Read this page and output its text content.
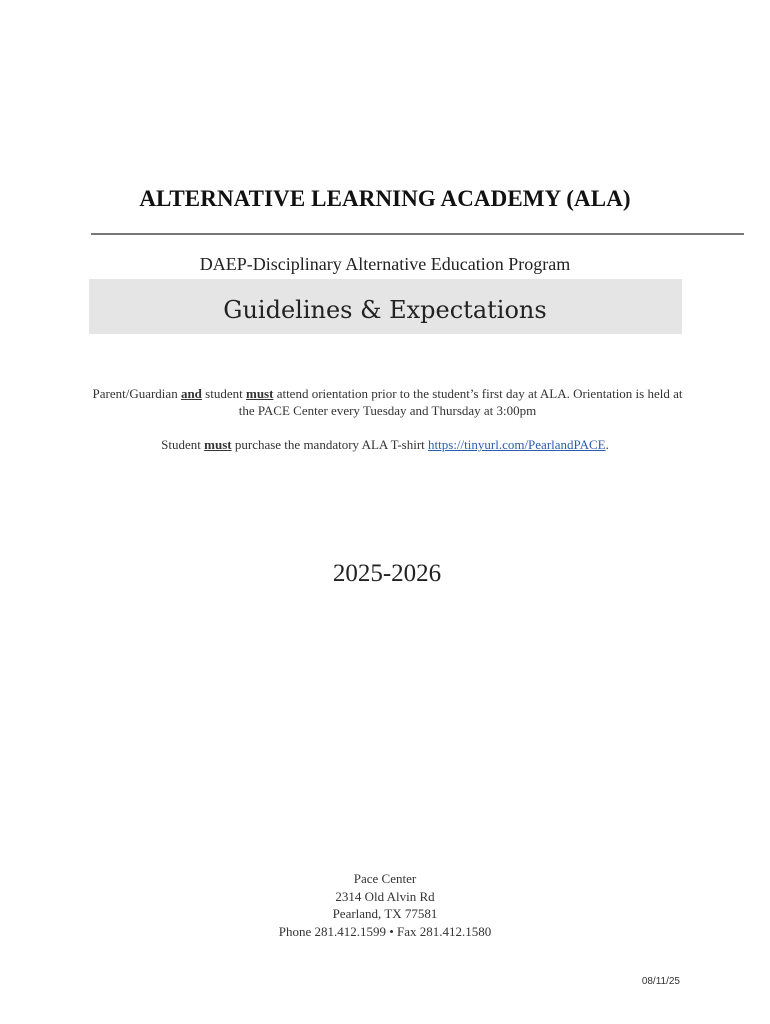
ALTERNATIVE LEARNING ACADEMY (ALA)
DAEP-Disciplinary Alternative Education Program
Guidelines & Expectations
Parent/Guardian and student must attend orientation prior to the student’s first day at ALA. Orientation is held at the PACE Center every Tuesday and Thursday at 3:00pm
Student must purchase the mandatory ALA T-shirt https://tinyurl.com/PearlandPACE.
2025-2026
Pace Center
2314 Old Alvin Rd
Pearland, TX 77581
Phone 281.412.1599 • Fax 281.412.1580
08/11/25
